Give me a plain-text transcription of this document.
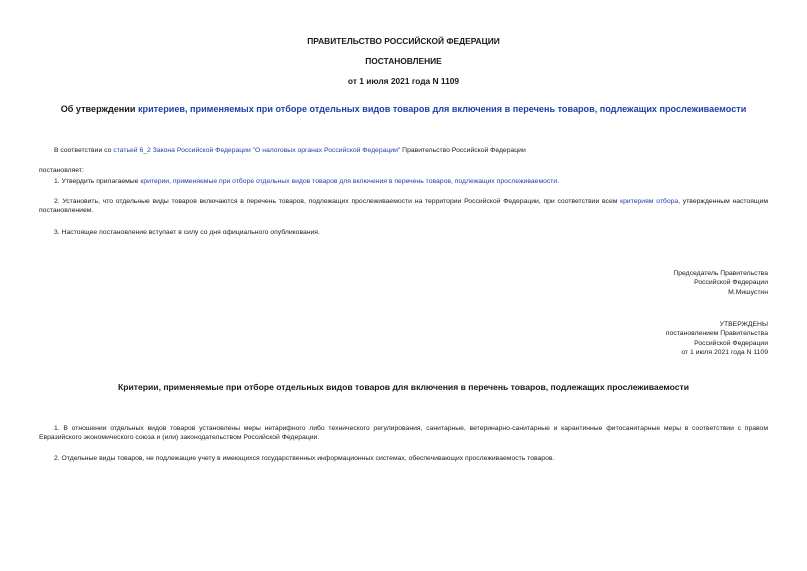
ПРАВИТЕЛЬСТВО РОССИЙСКОЙ ФЕДЕРАЦИИ
ПОСТАНОВЛЕНИЕ
от 1 июля 2021 года N 1109
Об утверждении критериев, применяемых при отборе отдельных видов товаров для включения в перечень товаров, подлежащих прослеживаемости
В соответствии со статьей 6_2 Закона Российской Федерации "О налоговых органах Российской Федерации" Правительство Российской Федерации
постановляет:
1. Утвердить прилагаемые критерии, применяемые при отборе отдельных видов товаров для включения в перечень товаров, подлежащих прослеживаемости.
2. Установить, что отдельные виды товаров включаются в перечень товаров, подлежащих прослеживаемости на территории Российской Федерации, при соответствии всем критериям отбора, утвержденным настоящим постановлением.
3. Настоящее постановление вступает в силу со дня официального опубликования.
Председатель Правительства
Российской Федерации
М.Мишустин
УТВЕРЖДЕНЫ
постановлением Правительства
Российской Федерации
от 1 июля 2021 года N 1109
Критерии, применяемые при отборе отдельных видов товаров для включения в перечень товаров, подлежащих прослеживаемости
1. В отношении отдельных видов товаров установлены меры нетарифного либо технического регулирования, санитарные, ветеринарно-санитарные и карантинные фитосанитарные меры в соответствии с правом Евразийского экономического союза и (или) законодательством Российской Федерации.
2. Отдельные виды товаров, не подлежащие учету в имеющихся государственных информационных системах, обеспечивающих прослеживаемость товаров.
